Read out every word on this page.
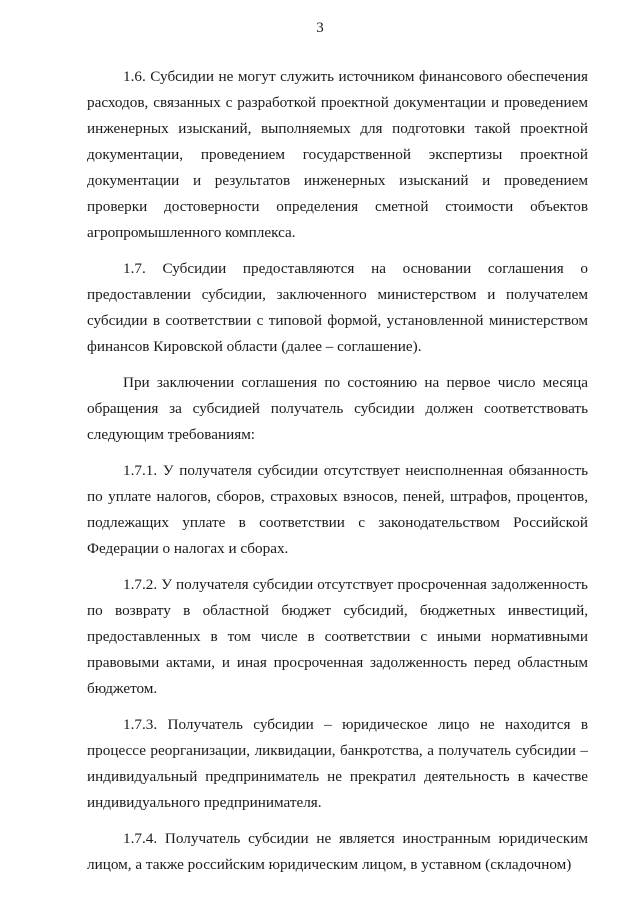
3

1.6. Субсидии не могут служить источником финансового обеспечения расходов, связанных с разработкой проектной документации и проведением инженерных изысканий, выполняемых для подготовки такой проектной документации, проведением государственной экспертизы проектной документации и результатов инженерных изысканий и проведением проверки достоверности определения сметной стоимости объектов агропромышленного комплекса.

1.7. Субсидии предоставляются на основании соглашения о предоставлении субсидии, заключенного министерством и получателем субсидии в соответствии с типовой формой, установленной министерством финансов Кировской области (далее – соглашение).

При заключении соглашения по состоянию на первое число месяца обращения за субсидией получатель субсидии должен соответствовать следующим требованиям:

1.7.1. У получателя субсидии отсутствует неисполненная обязанность по уплате налогов, сборов, страховых взносов, пеней, штрафов, процентов, подлежащих уплате в соответствии с законодательством Российской Федерации о налогах и сборах.

1.7.2. У получателя субсидии отсутствует просроченная задолженность по возврату в областной бюджет субсидий, бюджетных инвестиций, предоставленных в том числе в соответствии с иными нормативными правовыми актами, и иная просроченная задолженность перед областным бюджетом.

1.7.3. Получатель субсидии – юридическое лицо не находится в процессе реорганизации, ликвидации, банкротства, а получатель субсидии – индивидуальный предприниматель не прекратил деятельность в качестве индивидуального предпринимателя.

1.7.4. Получатель субсидии не является иностранным юридическим лицом, а также российским юридическим лицом, в уставном (складочном)
